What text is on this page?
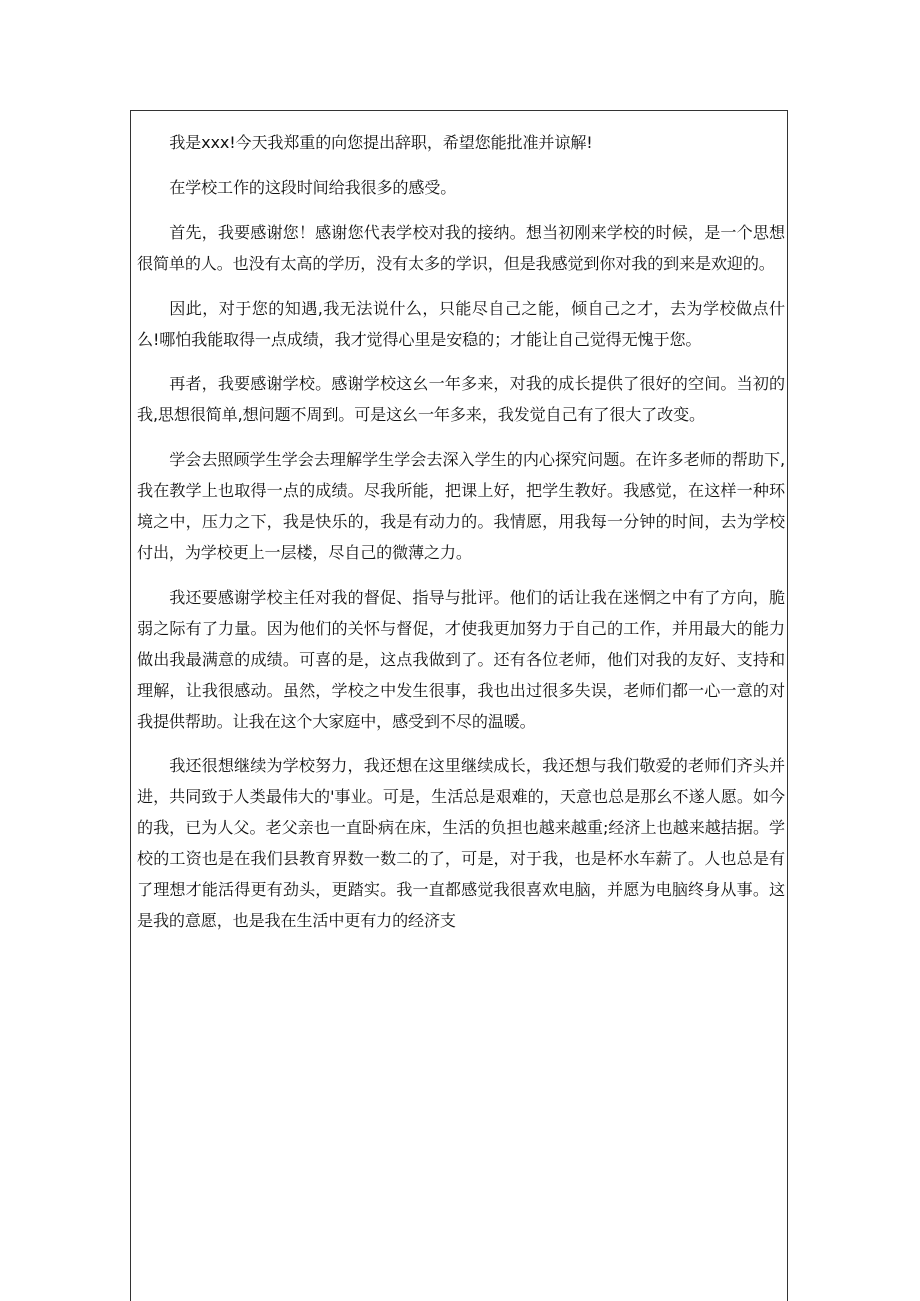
我是xxx!今天我郑重的向您提出辞职，希望您能批准并谅解!

在学校工作的这段时间给我很多的感受。

首先，我要感谢您！感谢您代表学校对我的接纳。想当初刚来学校的时候，是一个思想很简单的人。也没有太高的学历，没有太多的学识，但是我感觉到你对我的到来是欢迎的。

因此，对于您的知遇,我无法说什么，只能尽自己之能，倾自己之才，去为学校做点什么!哪怕我能取得一点成绩，我才觉得心里是安稳的；才能让自己觉得无愧于您。

再者，我要感谢学校。感谢学校这幺一年多来，对我的成长提供了很好的空间。当初的我,思想很简单,想问题不周到。可是这幺一年多来，我发觉自己有了很大了改变。

学会去照顾学生学会去理解学生学会去深入学生的内心探究问题。在许多老师的帮助下,我在教学上也取得一点的成绩。尽我所能，把课上好，把学生教好。我感觉，在这样一种环境之中，压力之下，我是快乐的，我是有动力的。我情愿，用我每一分钟的时间，去为学校付出，为学校更上一层楼，尽自己的微薄之力。

我还要感谢学校主任对我的督促、指导与批评。他们的话让我在迷惘之中有了方向，脆弱之际有了力量。因为他们的关怀与督促，才使我更加努力于自己的工作，并用最大的能力做出我最满意的成绩。可喜的是，这点我做到了。还有各位老师，他们对我的友好、支持和理解，让我很感动。虽然，学校之中发生很事，我也出过很多失误，老师们都一心一意的对我提供帮助。让我在这个大家庭中，感受到不尽的温暖。

我还很想继续为学校努力，我还想在这里继续成长，我还想与我们敬爱的老师们齐头并进，共同致于人类最伟大的'事业。可是，生活总是艰难的，天意也总是那幺不遂人愿。如今的我，已为人父。老父亲也一直卧病在床，生活的负担也越来越重;经济上也越来越拮据。学校的工资也是在我们县教育界数一数二的了，可是，对于我，也是杯水车薪了。人也总是有了理想才能活得更有劲头，更踏实。我一直都感觉我很喜欢电脑，并愿为电脑终身从事。这是我的意愿，也是我在生活中更有力的经济支
